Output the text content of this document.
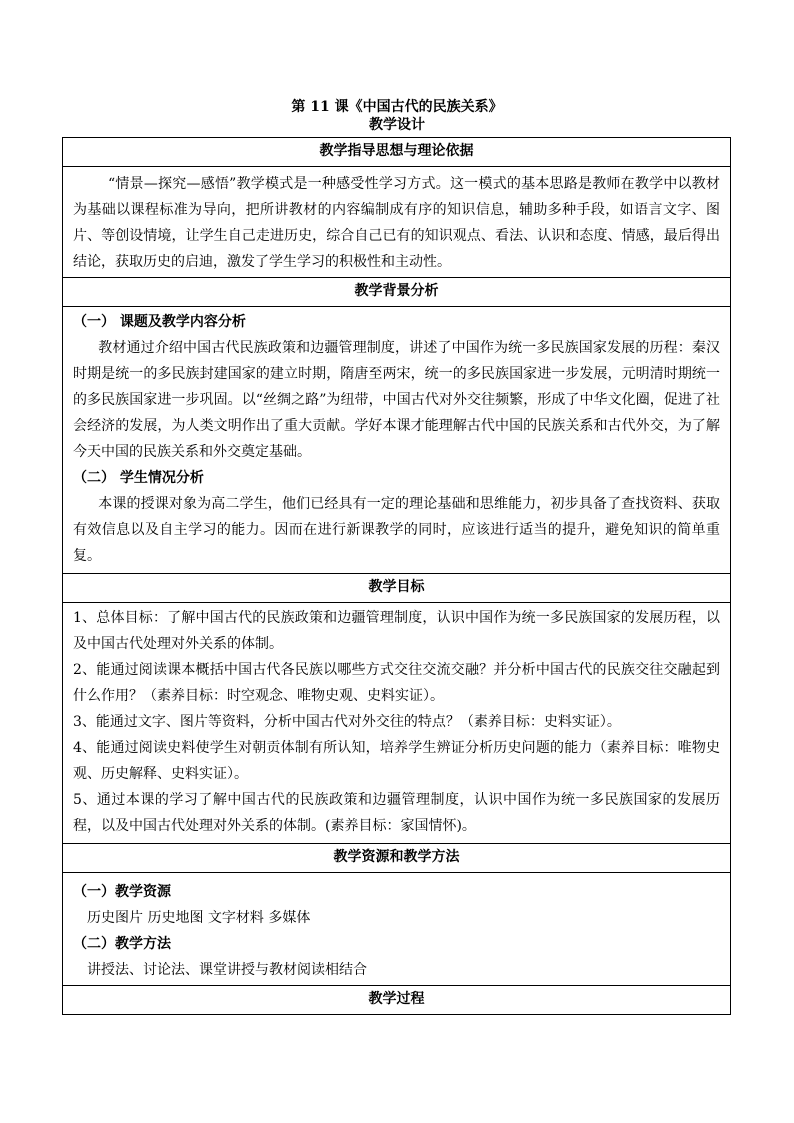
第 11 课《中国古代的民族关系》
教学设计
教学指导思想与理论依据

“情景—探究—感悟”教学模式是一种感受性学习方式。这一模式的基本思路是教师在教学中以教材为基础以课程标准为导向，把所讲教材的内容编制成有序的知识信息，辅助多种手段，如语言文字、图片、等创设情境，让学生自己走进历史，综合自己已有的知识观点、看法、认识和态度、情感，最后得出结论，获取历史的启迪，激发了学生学习的积极性和主动性。

教学背景分析

（一） 课题及教学内容分析

教材通过介绍中国古代民族政策和边疆管理制度，讲述了中国作为统一多民族国家发展的历程：秦汉时期是统一的多民族封建国家的建立时期，隋唐至两宋，统一的多民族国家进一步发展，元明清时期统一的多民族国家进一步巩固。以“丝绸之路”为纽带，中国古代对外交往频繁，形成了中华文化圈，促进了社会经济的发展，为人类文明作出了重大贡献。学好本课才能理解古代中国的民族关系和古代外交，为了解今天中国的民族关系和外交奠定基础。

（二） 学生情况分析

本课的授课对象为高二学生，他们已经具有一定的理论基础和思维能力，初步具备了查找资料、获取有效信息以及自主学习的能力。因而在进行新课教学的同时，应该进行适当的提升，避免知识的简单重复。

教学目标

1、总体目标：了解中国古代的民族政策和边疆管理制度，认识中国作为统一多民族国家的发展历程，以及中国古代处理对外关系的体制。

2、能通过阅读课本概括中国古代各民族以哪些方式交往交流交融？并分析中国古代的民族交往交融起到什么作用？（素养目标：时空观念、唯物史观、史料实证）。

3、能通过文字、图片等资料，分析中国古代对外交往的特点？（素养目标：史料实证）。

4、能通过阅读史料使学生对朝贡体制有所认知，培养学生辨证分析历史问题的能力（素养目标：唯物史观、历史解释、史料实证）。

5、通过本课的学习了解中国古代的民族政策和边疆管理制度，认识中国作为统一多民族国家的发展历程，以及中国古代处理对外关系的体制。(素养目标：家国情怀)。

教学资源和教学方法

（一）教学资源

历史图片 历史地图 文字材料 多媒体

（二）教学方法

讲授法、讨论法、课堂讲授与教材阅读相结合

教学过程
